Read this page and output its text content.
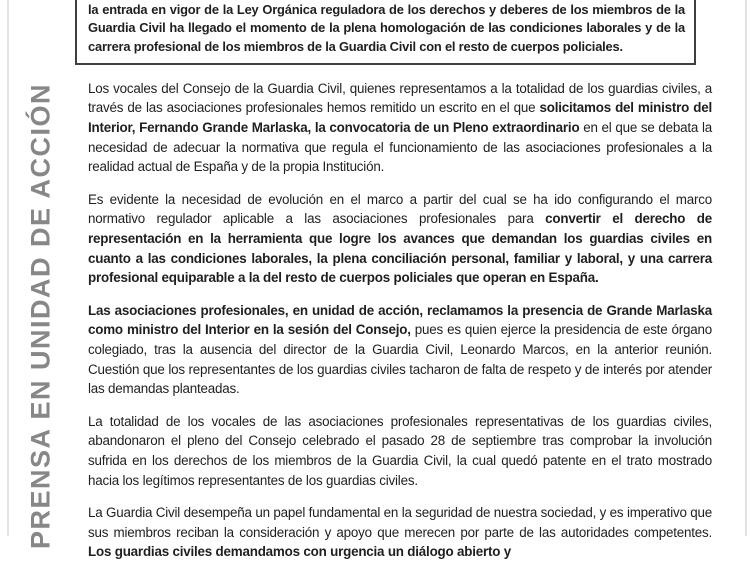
PRENSA EN UNIDAD DE ACCIÓN

la entrada en vigor de la Ley Orgánica reguladora de los derechos y deberes de los miembros de la Guardia Civil ha llegado el momento de la plena homologación de las condiciones laborales y de la carrera profesional de los miembros de la Guardia Civil con el resto de cuerpos policiales.

Los vocales del Consejo de la Guardia Civil, quienes representamos a la totalidad de los guardias civiles, a través de las asociaciones profesionales hemos remitido un escrito en el que solicitamos del ministro del Interior, Fernando Grande Marlaska, la convocatoria de un Pleno extraordinario en el que se debata la necesidad de adecuar la normativa que regula el funcionamiento de las asociaciones profesionales a la realidad actual de España y de la propia Institución.

Es evidente la necesidad de evolución en el marco a partir del cual se ha ido configurando el marco normativo regulador aplicable a las asociaciones profesionales para convertir el derecho de representación en la herramienta que logre los avances que demandan los guardias civiles en cuanto a las condiciones laborales, la plena conciliación personal, familiar y laboral, y una carrera profesional equiparable a la del resto de cuerpos policiales que operan en España.

Las asociaciones profesionales, en unidad de acción, reclamamos la presencia de Grande Marlaska como ministro del Interior en la sesión del Consejo, pues es quien ejerce la presidencia de este órgano colegiado, tras la ausencia del director de la Guardia Civil, Leonardo Marcos, en la anterior reunión. Cuestión que los representantes de los guardias civiles tacharon de falta de respeto y de interés por atender las demandas planteadas.

La totalidad de los vocales de las asociaciones profesionales representativas de los guardias civiles, abandonaron el pleno del Consejo celebrado el pasado 28 de septiembre tras comprobar la involución sufrida en los derechos de los miembros de la Guardia Civil, la cual quedó patente en el trato mostrado hacia los legítimos representantes de los guardias civiles.

La Guardia Civil desempeña un papel fundamental en la seguridad de nuestra sociedad, y es imperativo que sus miembros reciban la consideración y apoyo que merecen por parte de las autoridades competentes. Los guardias civiles demandamos con urgencia un diálogo abierto y
